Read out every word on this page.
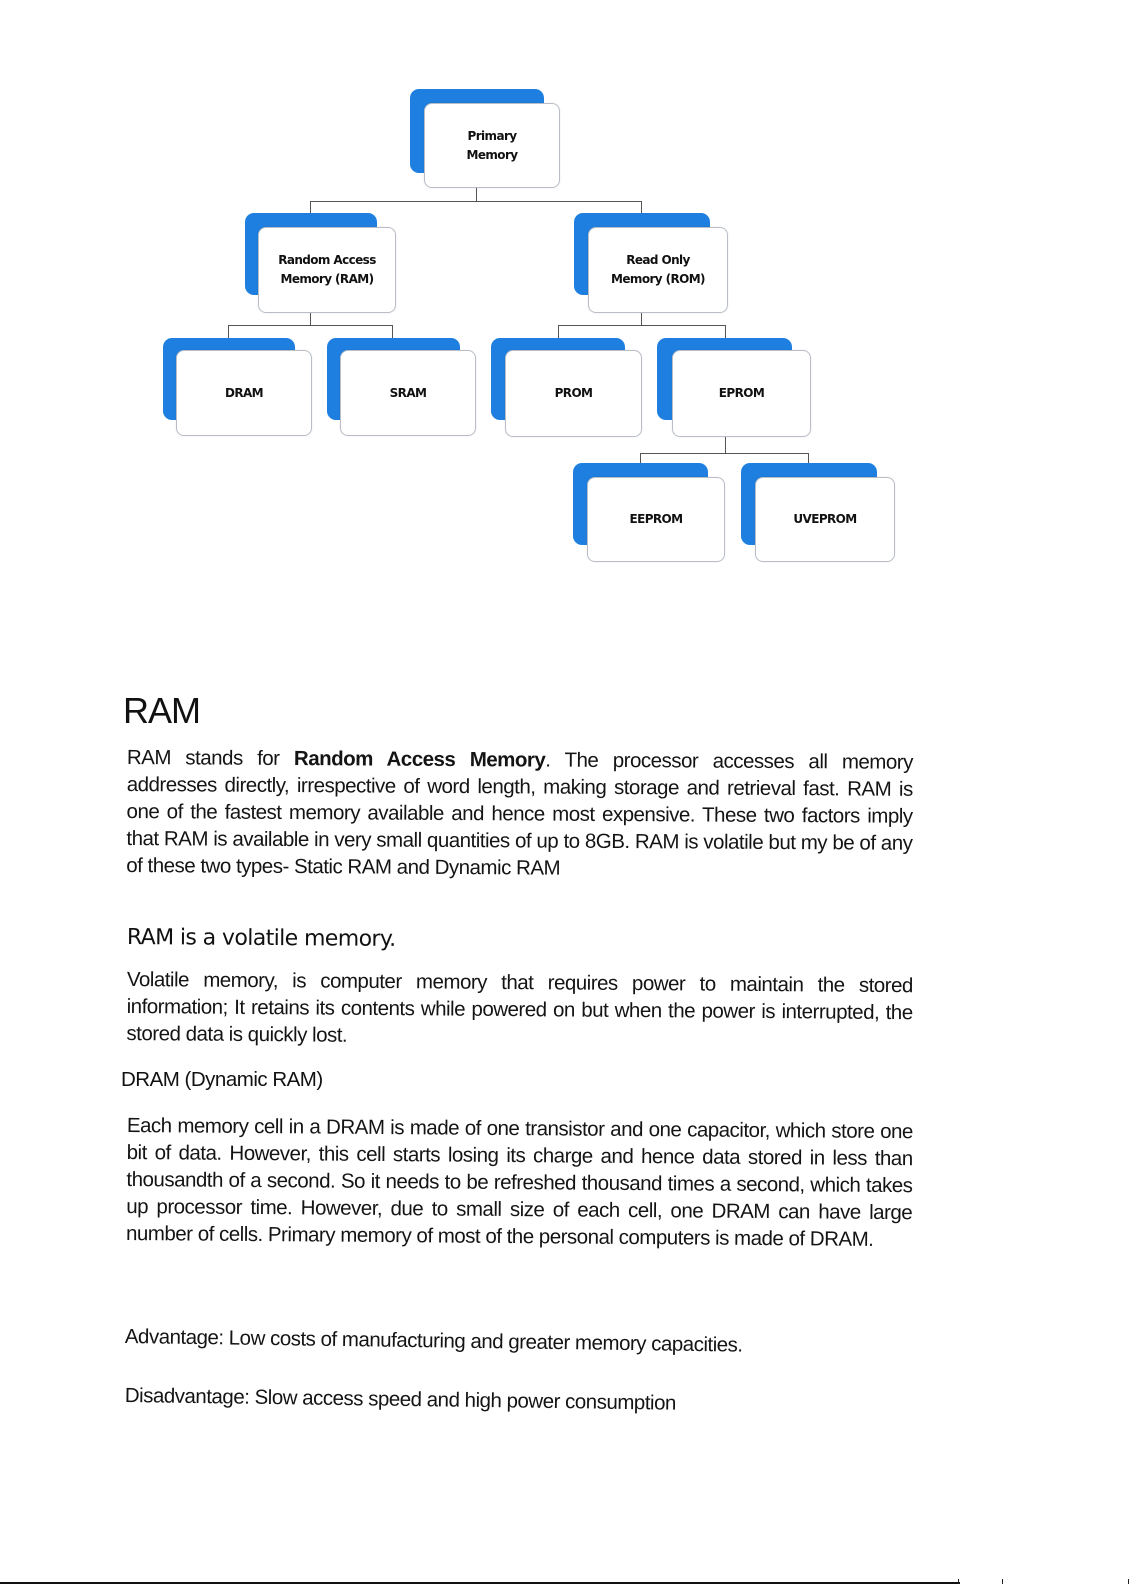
Primary
Memory
Random Access
Memory (RAM)
Read Only
Memory (ROM)
DRAM	SRAM	PROM	EPROM
EEPROM	UVEPROM
RAM
RAM stands for Random Access Memory. The processor accesses all memory addresses directly, irrespective of word length, making storage and retrieval fast. RAM is one of the fastest memory available and hence most expensive. These two factors imply that RAM is available in very small quantities of up to 8GB. RAM is volatile but my be of any of these two types- Static RAM and Dynamic RAM
RAM is a volatile memory.
Volatile memory, is computer memory that requires power to maintain the stored information; It retains its contents while powered on but when the power is interrupted, the stored data is quickly lost.
DRAM (Dynamic RAM)
Each memory cell in a DRAM is made of one transistor and one capacitor, which store one bit of data. However, this cell starts losing its charge and hence data stored in less than thousandth of a second. So it needs to be refreshed thousand times a second, which takes up processor time. However, due to small size of each cell, one DRAM can have large number of cells. Primary memory of most of the personal computers is made of DRAM.
Advantage: Low costs of manufacturing and greater memory capacities.
Disadvantage: Slow access speed and high power consumption
